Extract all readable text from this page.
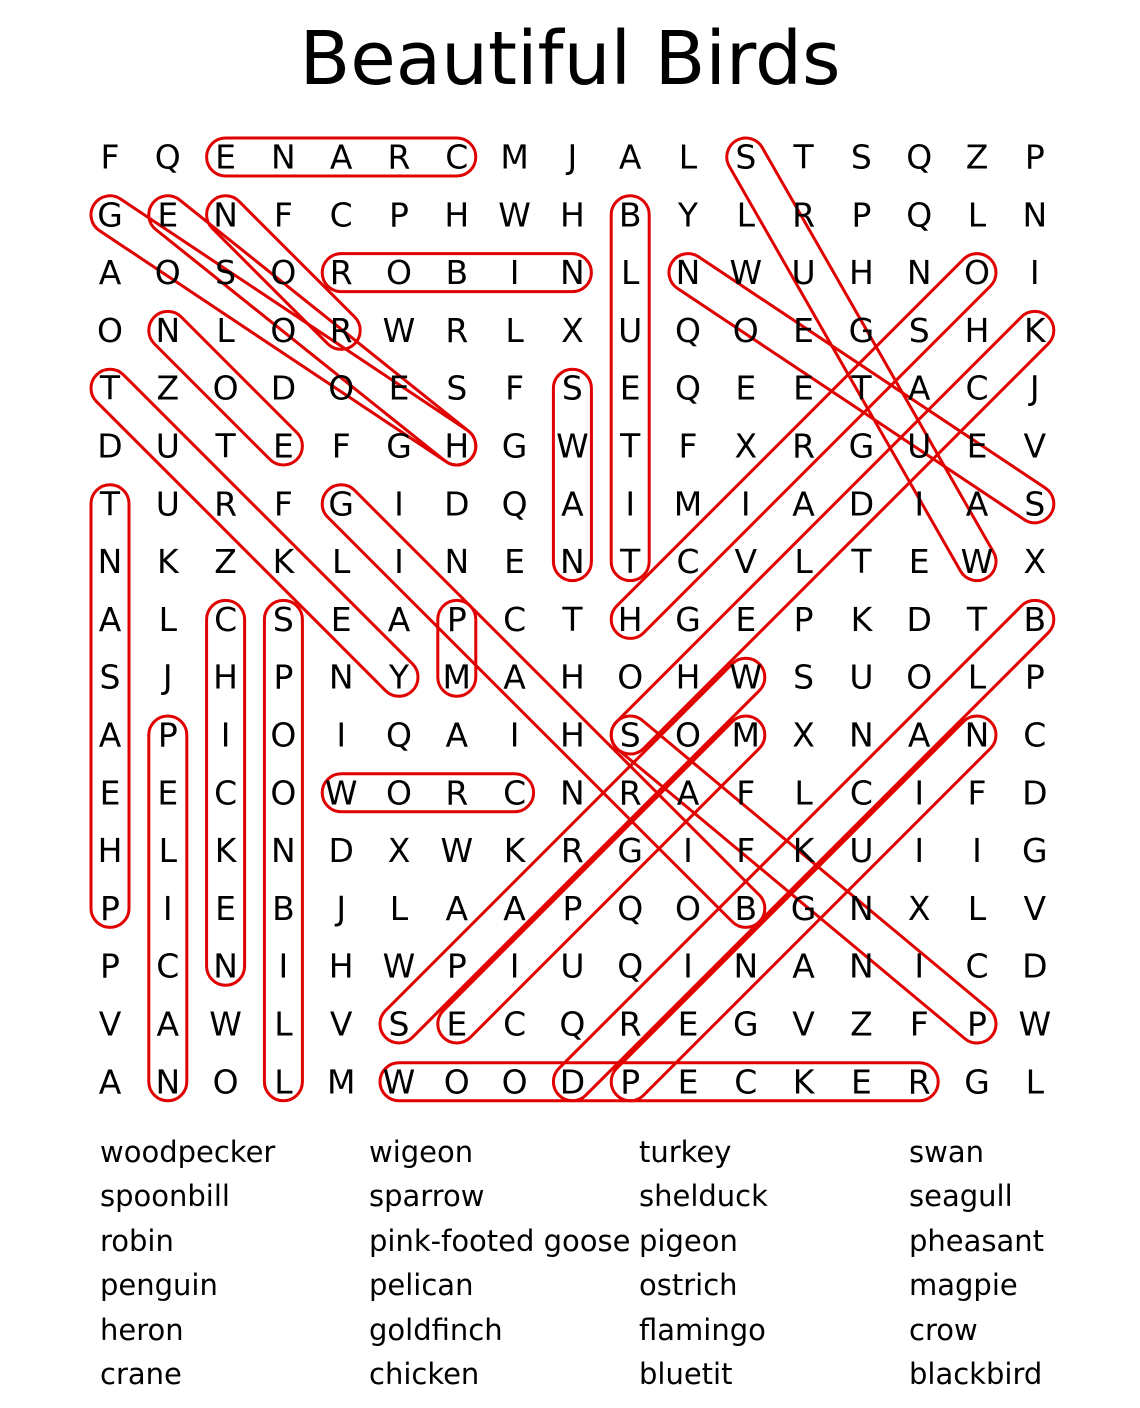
Beautiful Birds
F Q E N A R C M J A L S T S Q Z P
G E N F C P H W H B Y L R P Q L N
A O S O R O B I N L N W U H N O I
O N L O R W R L X U Q O E G S H K
T Z O D O E S F S E Q E E T A C J
D U T E F G H G W T F X R G U E V
T U R F G I D Q A I M I A D I A S
N K Z K L I N E N T C V L T E W X
A L C S E A P C T H G E P K D T B
S J H P N Y M A H O H W S U O L P
A P I O I Q A I H S O M X N A N C
E E C O W O R C N R A F L C I F D
H L K N D X W K R G I F K U I I G
P I E B J L A A P Q O B G N X L V
P C N I H W P I U Q I N A N I C D
V A W L V S E C Q R E G V Z F P W
A N O L M W O O D P E C K E R G L
woodpecker
spoonbill
robin
penguin
heron
crane
wigeon
sparrow
pink-footed goose
pelican
goldfinch
chicken
turkey
shelduck
pigeon
ostrich
flamingo
bluetit
swan
seagull
pheasant
magpie
crow
blackbird
